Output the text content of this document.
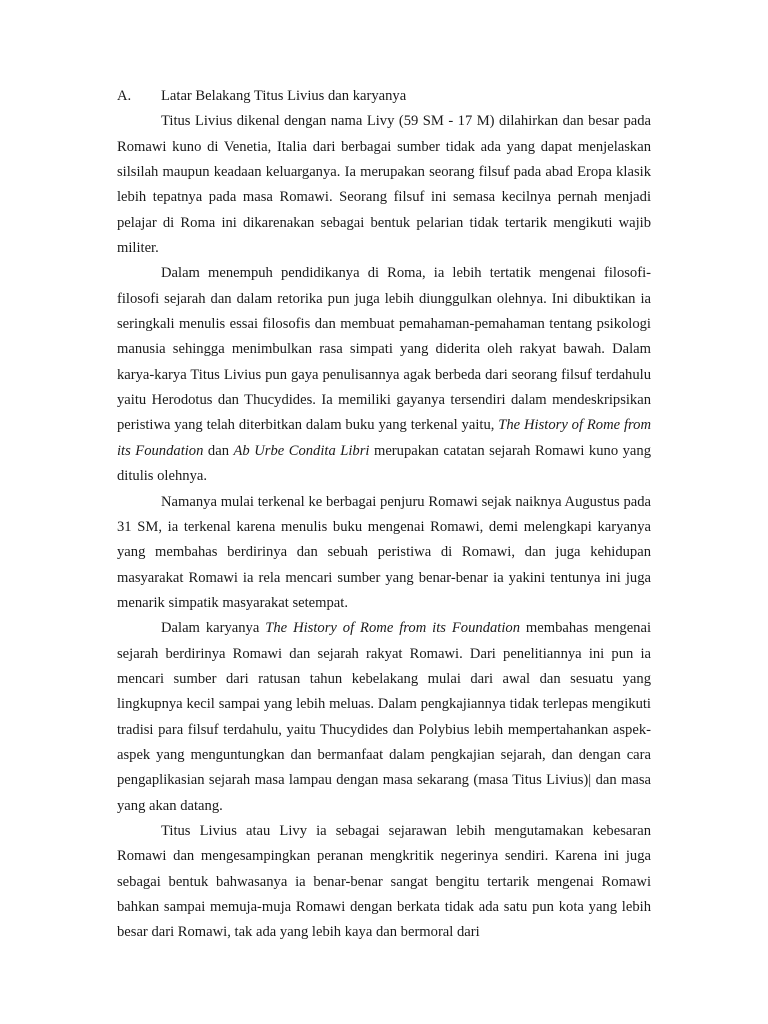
A.	Latar Belakang Titus Livius dan karyanya

Titus Livius dikenal dengan nama Livy (59 SM - 17 M) dilahirkan dan besar pada Romawi kuno di Venetia, Italia dari berbagai sumber tidak ada yang dapat menjelaskan silsilah maupun keadaan keluarganya. Ia merupakan seorang filsuf pada abad Eropa klasik lebih tepatnya pada masa Romawi. Seorang filsuf ini semasa kecilnya pernah menjadi pelajar di Roma ini dikarenakan sebagai bentuk pelarian tidak tertarik mengikuti wajib militer.

Dalam menempuh pendidikanya di Roma, ia lebih tertatik mengenai filosofi-filosofi sejarah dan dalam retorika pun juga lebih diunggulkan olehnya. Ini dibuktikan ia seringkali menulis essai filosofis dan membuat pemahaman-pemahaman tentang psikologi manusia sehingga menimbulkan rasa simpati yang diderita oleh rakyat bawah. Dalam karya-karya Titus Livius pun gaya penulisannya agak berbeda dari seorang filsuf terdahulu yaitu Herodotus dan Thucydides. Ia memiliki gayanya tersendiri dalam mendeskripsikan peristiwa yang telah diterbitkan dalam buku yang terkenal yaitu, The History of Rome from its Foundation dan Ab Urbe Condita Libri merupakan catatan sejarah Romawi kuno yang ditulis olehnya.

Namanya mulai terkenal ke berbagai penjuru Romawi sejak naiknya Augustus pada 31 SM, ia terkenal karena menulis buku mengenai Romawi, demi melengkapi karyanya yang membahas berdirinya dan sebuah peristiwa di Romawi, dan juga kehidupan masyarakat Romawi ia rela mencari sumber yang benar-benar ia yakini tentunya ini juga menarik simpatik masyarakat setempat.

Dalam karyanya The History of Rome from its Foundation membahas mengenai sejarah berdirinya Romawi dan sejarah rakyat Romawi. Dari penelitiannya ini pun ia mencari sumber dari ratusan tahun kebelakang mulai dari awal dan sesuatu yang lingkupnya kecil sampai yang lebih meluas. Dalam pengkajiannya tidak terlepas mengikuti tradisi para filsuf terdahulu, yaitu Thucydides dan Polybius lebih mempertahankan aspek-aspek yang menguntungkan dan bermanfaat dalam pengkajian sejarah, dan dengan cara pengaplikasian sejarah masa lampau dengan masa sekarang (masa Titus Livius)| dan masa yang akan datang.

Titus Livius atau Livy ia sebagai sejarawan lebih mengutamakan kebesaran Romawi dan mengesampingkan peranan mengkritik negerinya sendiri. Karena ini juga sebagai bentuk bahwasanya ia benar-benar sangat bengitu tertarik mengenai Romawi bahkan sampai memuja-muja Romawi dengan berkata tidak ada satu pun kota yang lebih besar dari Romawi, tak ada yang lebih kaya dan bermoral dari
